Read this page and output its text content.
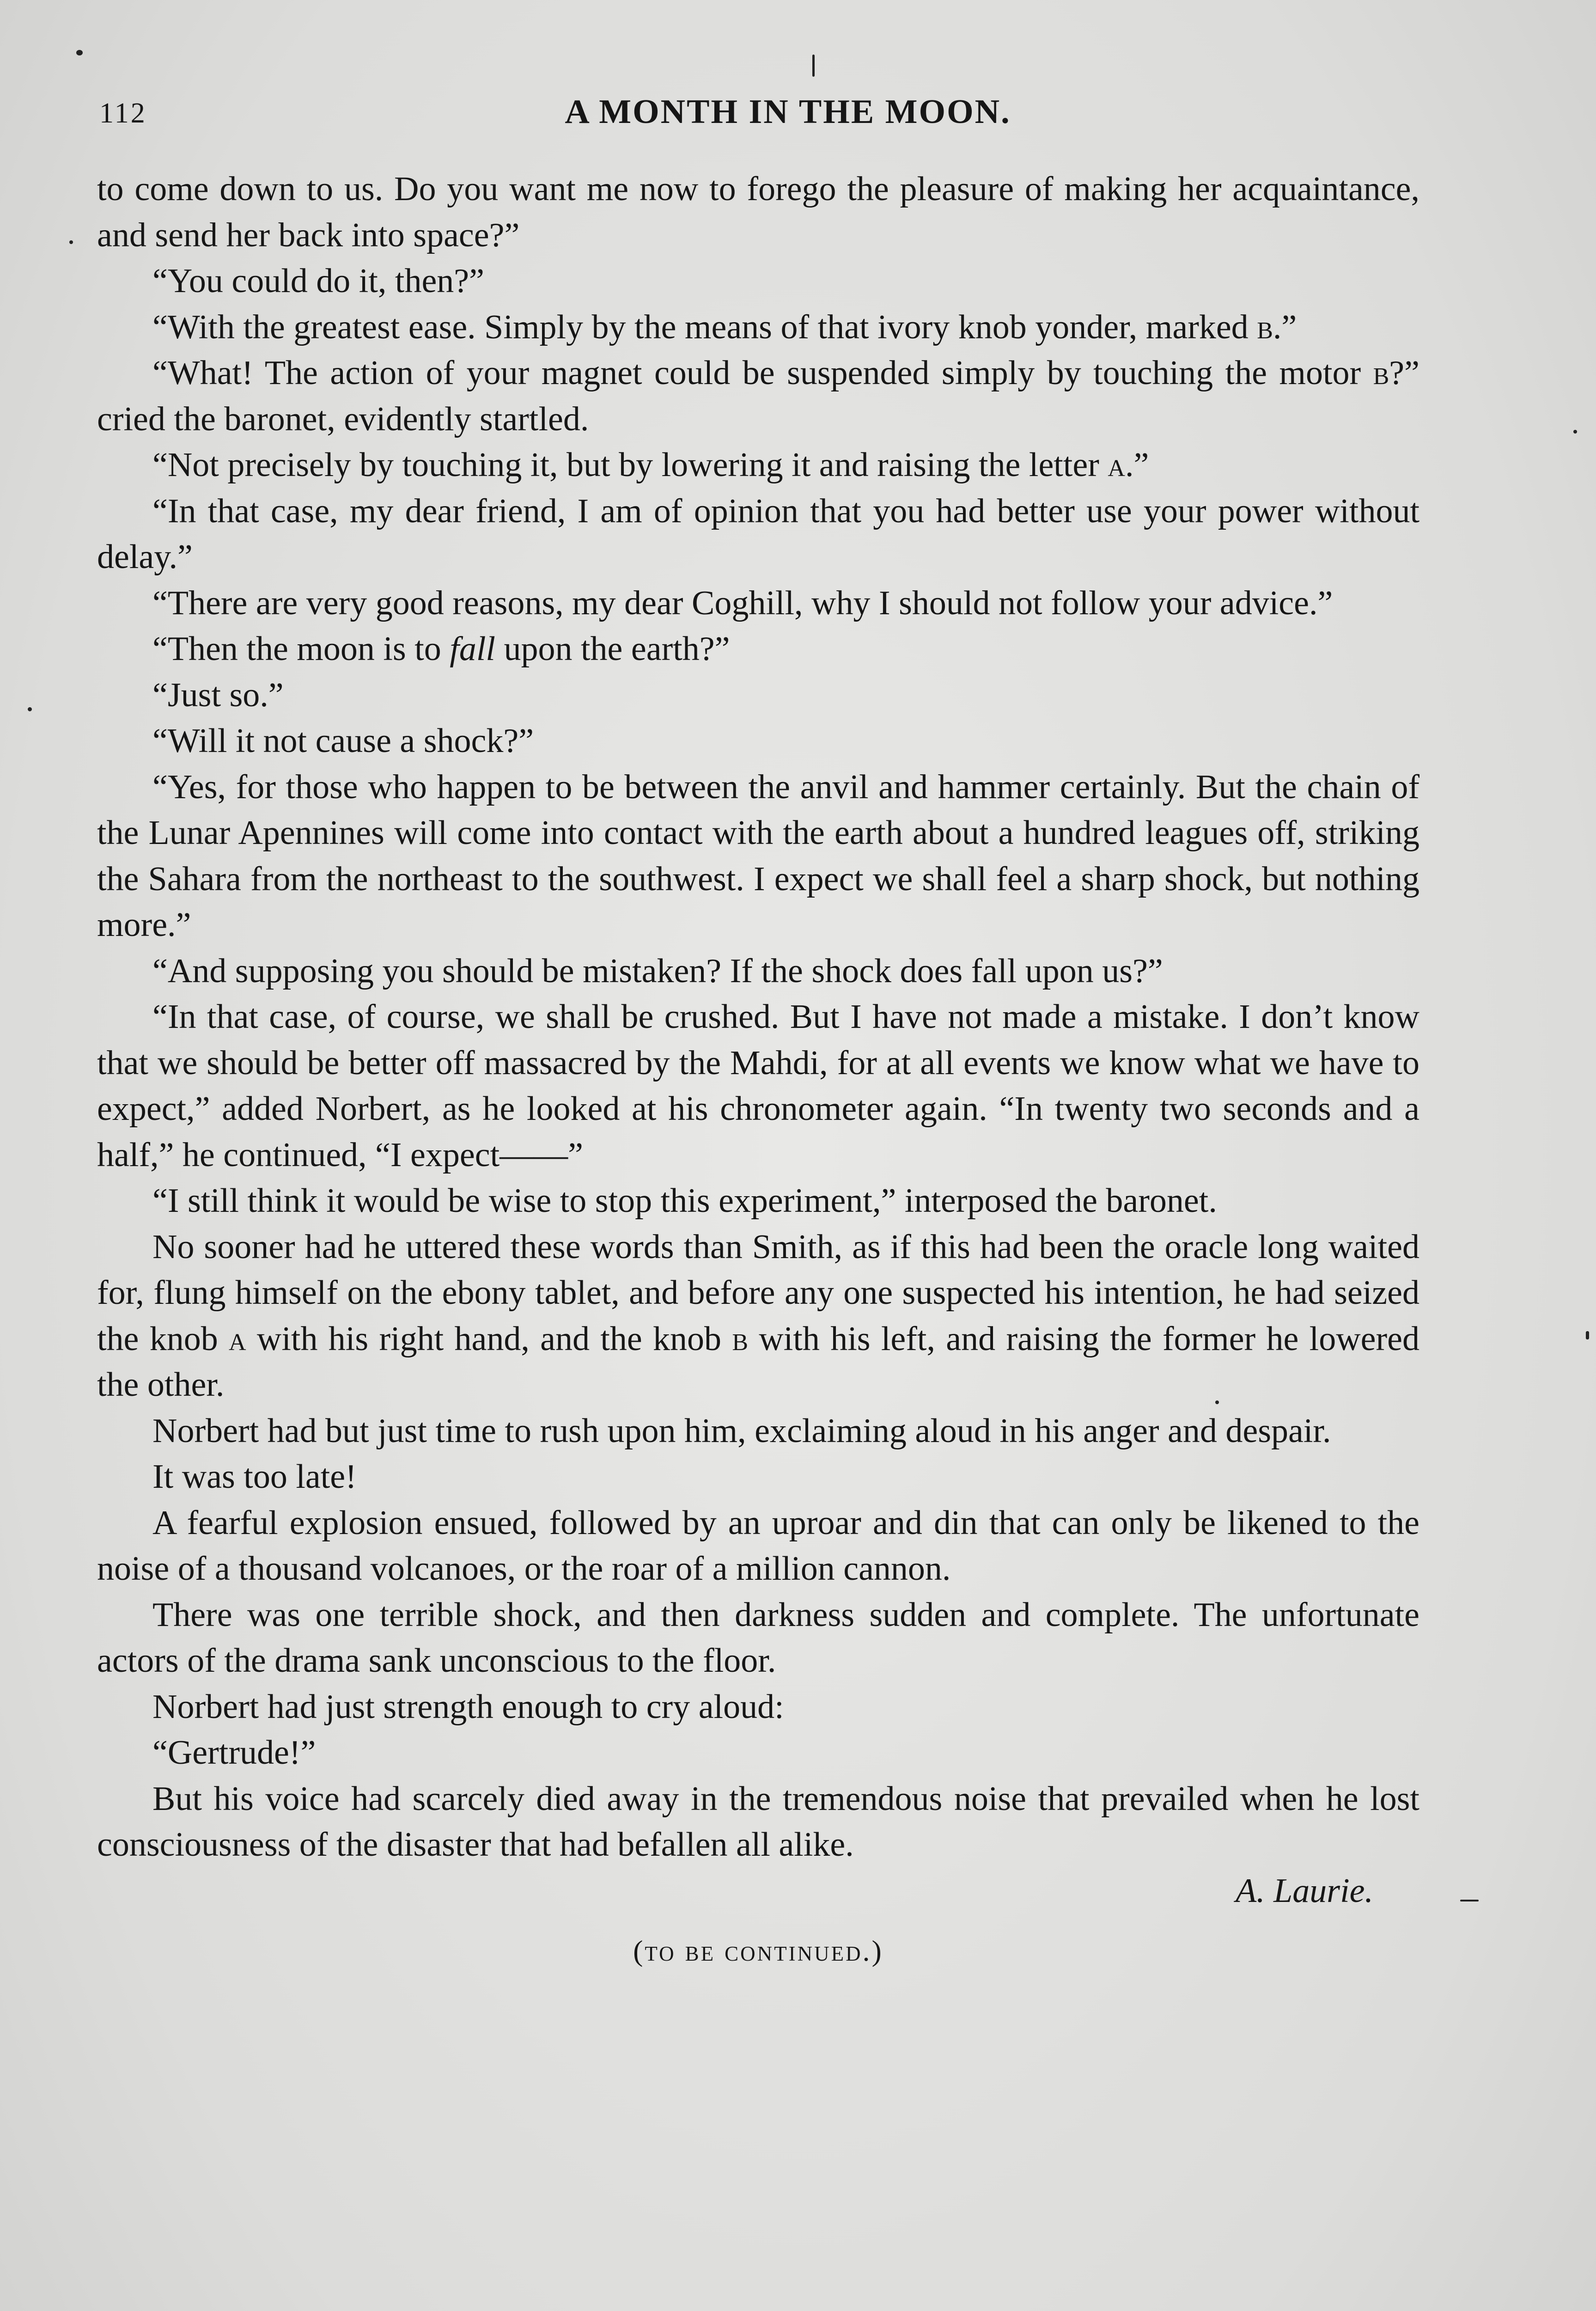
112	A MONTH IN THE MOON.

to come down to us. Do you want me now to forego the pleasure of making her acquaintance, and send her back into space?”

“You could do it, then?”

“With the greatest ease. Simply by the means of that ivory knob yonder, marked b.”

“What! The action of your magnet could be suspended simply by touching the motor b?” cried the baronet, evidently startled.

“Not precisely by touching it, but by lowering it and raising the letter a.”

“In that case, my dear friend, I am of opinion that you had better use your power without delay.”

“There are very good reasons, my dear Coghill, why I should not follow your advice.”

“Then the moon is to fall upon the earth?”

“Just so.”

“Will it not cause a shock?”

“Yes, for those who happen to be between the anvil and hammer certainly. But the chain of the Lunar Apennines will come into contact with the earth about a hundred leagues off, striking the Sahara from the northeast to the southwest. I expect we shall feel a sharp shock, but nothing more.”

“And supposing you should be mistaken? If the shock does fall upon us?”

“In that case, of course, we shall be crushed. But I have not made a mistake. I don’t know that we should be better off massacred by the Mahdi, for at all events we know what we have to expect,” added Norbert, as he looked at his chronometer again. “In twenty two seconds and a half,” he continued, “I expect——”

“I still think it would be wise to stop this experiment,” interposed the baronet.

No sooner had he uttered these words than Smith, as if this had been the oracle long waited for, flung himself on the ebony tablet, and before any one suspected his intention, he had seized the knob a with his right hand, and the knob b with his left, and raising the former he lowered the other.

Norbert had but just time to rush upon him, exclaiming aloud in his anger and despair.

It was too late!

A fearful explosion ensued, followed by an uproar and din that can only be likened to the noise of a thousand volcanoes, or the roar of a million cannon.

There was one terrible shock, and then darkness sudden and complete. The unfortunate actors of the drama sank unconscious to the floor.

Norbert had just strength enough to cry aloud:

“Gertrude!”

But his voice had scarcely died away in the tremendous noise that prevailed when he lost consciousness of the disaster that had befallen all alike.

A. Laurie.

(to be continued.)
